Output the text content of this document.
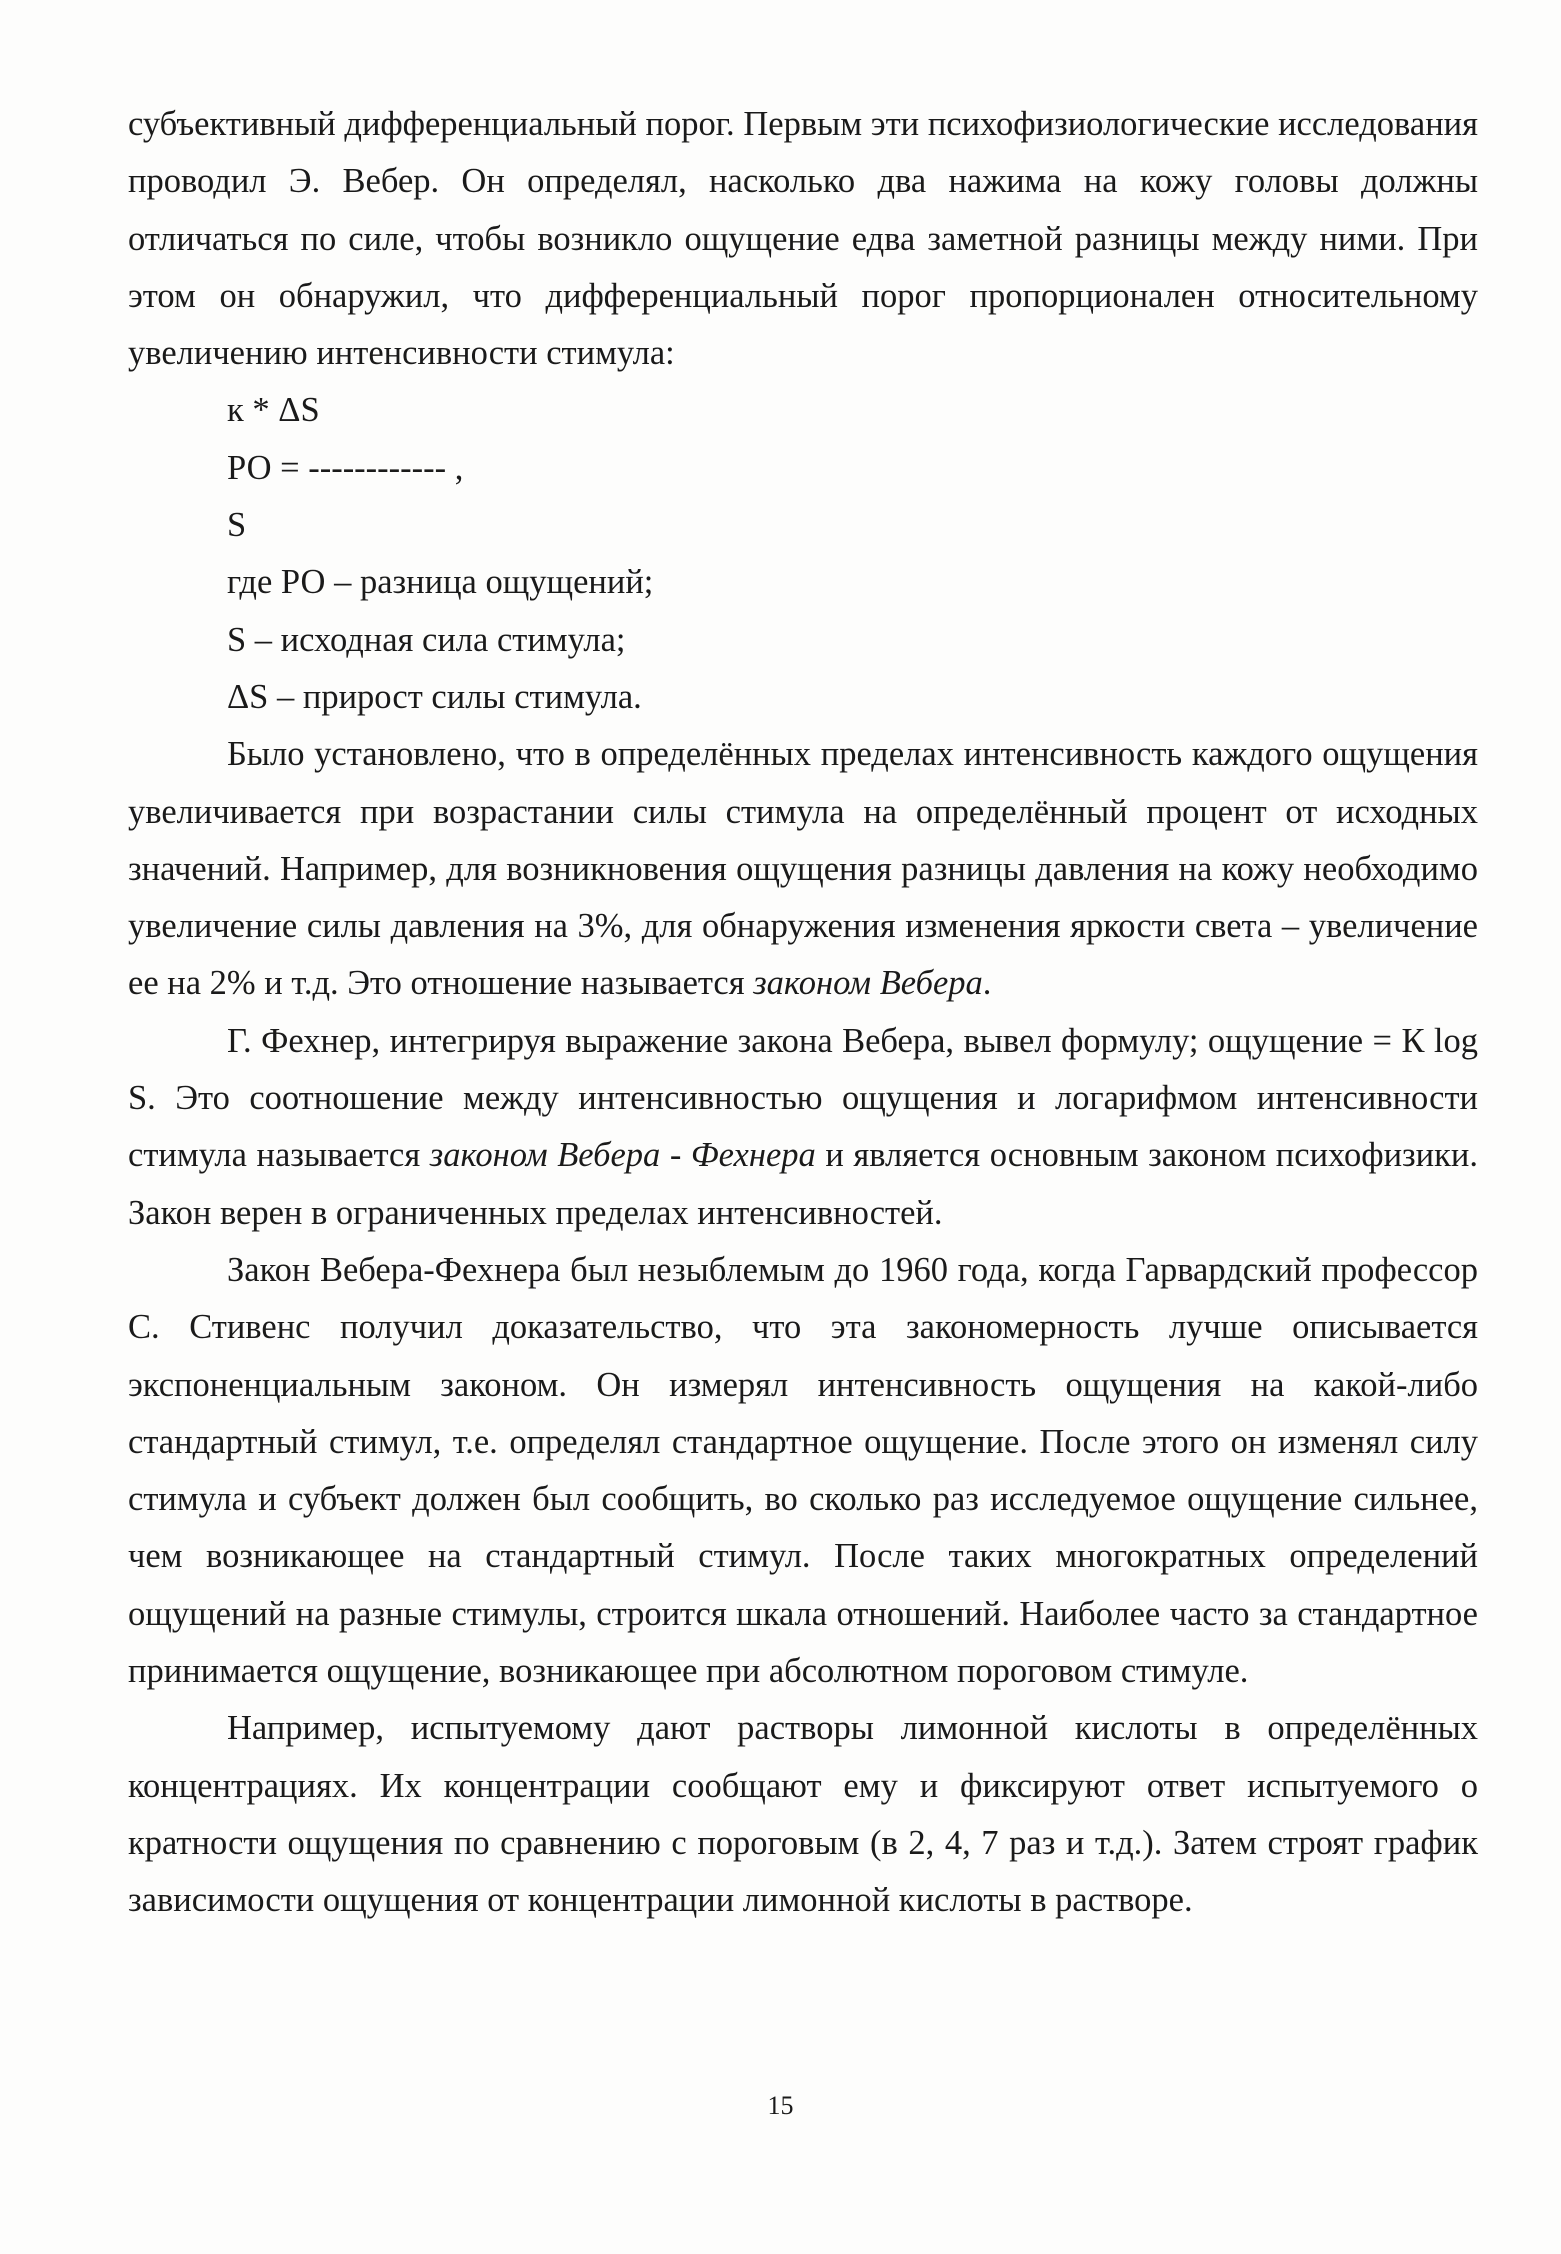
субъективный дифференциальный порог. Первым эти психофизиологические исследования проводил Э. Вебер. Он определял, насколько два нажима на кожу головы должны отличаться по силе, чтобы возникло ощущение едва заметной разницы между ними. При этом он обнаружил, что дифференциальный порог пропорционален относительному увеличению интенсивности стимула:

к * ΔS

РО = ------------ ,

S

где РО – разница ощущений;

S – исходная сила стимула;

ΔS – прирост силы стимула.

Было установлено, что в определённых пределах интенсивность каждого ощущения увеличивается при возрастании силы стимула на определённый процент от исходных значений. Например, для возникновения ощущения разницы давления на кожу необходимо увеличение силы давления на 3%, для обнаружения изменения яркости света – увеличение ее на 2% и т.д. Это отношение называется законом Вебера.

Г. Фехнер, интегрируя выражение закона Вебера, вывел формулу; ощущение = К log S. Это соотношение между интенсивностью ощущения и логарифмом интенсивности стимула называется законом Вебера - Фехнера и является основным законом психофизики. Закон верен в ограниченных пределах интенсивностей.

Закон Вебера-Фехнера был незыблемым до 1960 года, когда Гарвардский профессор С. Стивенс получил доказательство, что эта закономерность лучше описывается экспоненциальным законом. Он измерял интенсивность ощущения на какой-либо стандартный стимул, т.е. определял стандартное ощущение. После этого он изменял силу стимула и субъект должен был сообщить, во сколько раз исследуемое ощущение сильнее, чем возникающее на стандартный стимул. После таких многократных определений ощущений на разные стимулы, строится шкала отношений. Наиболее часто за стандартное принимается ощущение, возникающее при абсолютном пороговом стимуле.

Например, испытуемому дают растворы лимонной кислоты в определённых концентрациях. Их концентрации сообщают ему и фиксируют ответ испытуемого о кратности ощущения по сравнению с пороговым (в 2, 4, 7 раз и т.д.). Затем строят график зависимости ощущения от концентрации лимонной кислоты в растворе.

15
